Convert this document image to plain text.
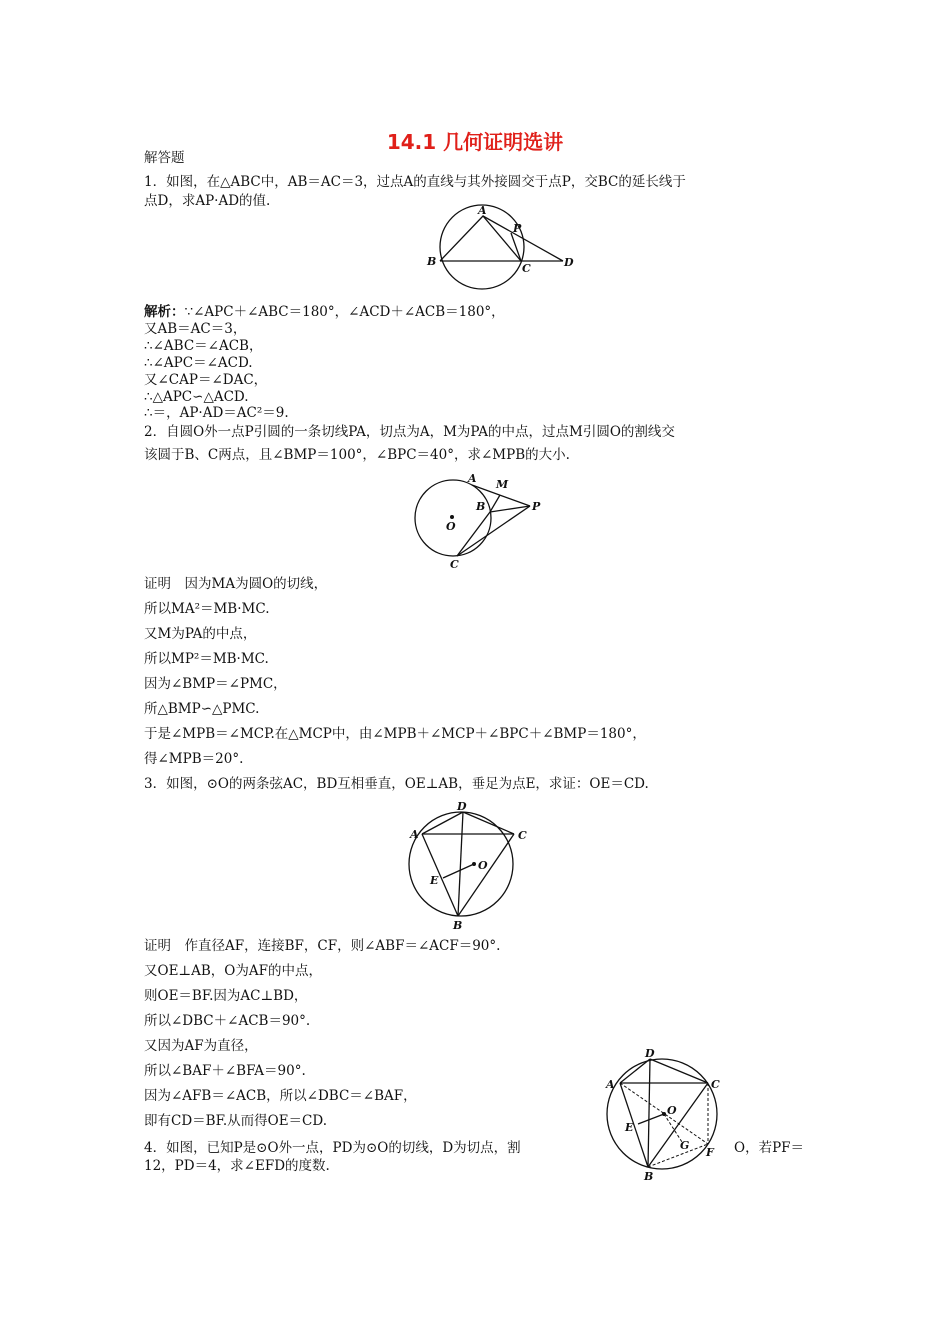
14.1 几何证明选讲
解答题
1．如图，在△ABC中，AB＝AC＝3，过点A的直线与其外接圆交于点P，交BC的延长线于
点D，求AP·AD的值.
A
P
B
C	D
解析：∵∠APC＋∠ABC＝180°，∠ACD＋∠ACB＝180°，
又AB＝AC＝3，
∴∠ABC＝∠ACB，
∴∠APC＝∠ACD.
又∠CAP＝∠DAC，
∴△APC∽△ACD.
∴＝，AP·AD＝AC²＝9.
2．自圆O外一点P引圆的一条切线PA，切点为A，M为PA的中点，过点M引圆O的割线交
该圆于B、C两点，且∠BMP＝100°，∠BPC＝40°，求∠MPB的大小.
A M
B	P
O
C
证明　因为MA为圆O的切线，
所以MA²＝MB·MC.
又M为PA的中点，
所以MP²＝MB·MC.
因为∠BMP＝∠PMC，
所△BMP∽△PMC.
于是∠MPB＝∠MCP.在△MCP中，由∠MPB＋∠MCP＋∠BPC＋∠BMP＝180°，
得∠MPB＝20°.
3．如图，⊙O的两条弦AC，BD互相垂直，OE⊥AB，垂足为点E，求证：OE＝CD.
D
A	C
O
E
B
证明　作直径AF，连接BF，CF，则∠ABF＝∠ACF＝90°.
又OE⊥AB，O为AF的中点，
则OE＝BF.因为AC⊥BD，
所以∠DBC＋∠ACB＝90°.
又因为AF为直径，
所以∠BAF＋∠BFA＝90°.
因为∠AFB＝∠ACB，所以∠DBC＝∠BAF，
即有CD＝BF.从而得OE＝CD.
4．如图，已知P是⊙O外一点，PD为⊙O的切线，D为切点，割	O，若PF＝
12，PD＝4，求∠EFD的度数.
D
A	C
O
E
G
F
B
